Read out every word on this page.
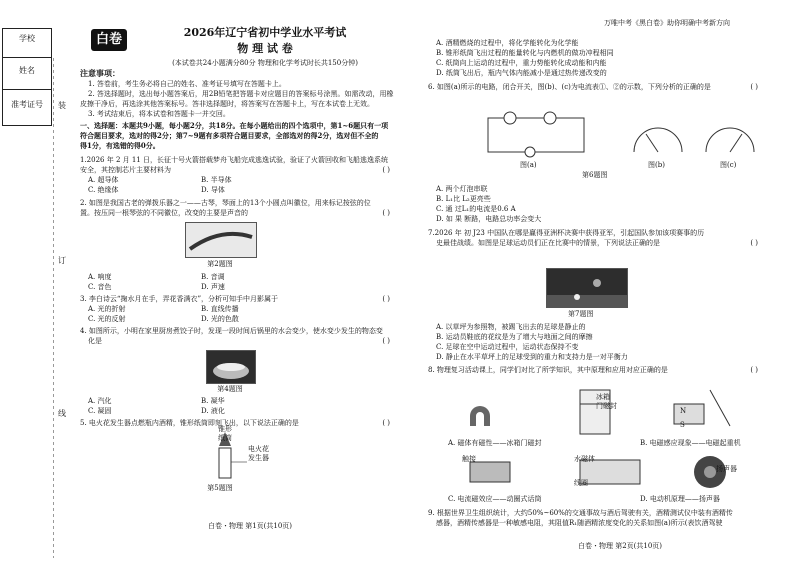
学校
姓名
准考证号	装
订
线
白卷	2026年辽宁省初中学业水平考试
物 理 试 卷
(本试卷共24小题满分80分 物理和化学考试时长共150分钟)
万唯中考《黑白卷》助你明确中考新方向
注意事项：
1. 答卷前，考生务必将自己的姓名、准考证号填写在答题卡上。
2. 答选择题时，选出每小题答案后，用2B铅笔把答题卡对应题目的答案标号涂黑。如需改动，用橡
皮擦干净后，再选涂其他答案标号。答非选择题时，将答案写在答题卡上，写在本试卷上无效。
3. 考试结束后，将本试卷和答题卡一并交回。
一、选择题：本题共9小题，每小题2分，共18分。在每小题给出的四个选项中，第1~6题只有一项
符合题目要求，选对的得2分；第7~9题有多项符合题目要求，全部选对的得2分，选对但不全的
得1分，有选错的得0分。
1.2026 年 2 月 11 日，长征十号火箭搭载梦舟飞船完成逃逸试验，验证了火箭回收和飞船逃逸系统
安全，其控制芯片主要材料为	( )
A. 超导体	B. 半导体
C. 绝缘体	D. 导体
2. 如图是我国古老的弹拨乐器之一——古琴，琴面上的13个小圆点叫徽位，用来标记按弦的位
置。按压同一根琴弦的不同徽位，改变的主要是声音的	( )
第2题图
A. 响度	B. 音调
C. 音色	D. 声速
3. 李白诗云“掬水月在手，弄花香满衣”，分析可知手中月影属于	( )
A. 光的折射	B. 直线传播
C. 光的反射	D. 光的色散
4. 如图所示，小明在家里厨房煮饺子时，发现一段时间后锅里的水会变少，使水变少发生的物态变
化是	( )
第4题图
A. 汽化	B. 凝华
C. 凝固	D. 液化
5. 电火花发生器点燃瓶内酒精，锥形纸筒即刻飞出，以下说法正确的是	( )
锥形
纸筒
电火花
发生器
第5题图
白卷・物理 第1页(共10页)
A. 酒精燃烧的过程中，将化学能转化为化学能
B. 锥形纸筒飞出过程的能量转化与内燃机的做功冲程相同
C. 纸筒向上运动的过程中，重力势能转化成动能和内能
D. 纸筒飞出后，瓶内气体内能减小是通过热传递改变的
6. 如图(a)所示的电路，闭合开关，图(b)、(c)为电流表①、②的示数，下列分析的正确的是	( )
图(a)	图(b)	图(c)
第6题图
A. 两个灯泡串联
B. L₁比 L₂更亮些
C. 通 过L₁的电流是0.6 A
D. 如 果 断路，电路总功率会变大
7.2026 年 初 J23 中国队在哪是赢得亚洲杯决赛中获得亚军，引起国队参加该项赛事的历
史最佳战绩。如图是足球运动员们正在比赛中的情景，下列说法正确的是	( )
第7题图
A. 以草坪为参照物，被踢飞出去的足球是静止的
B. 运动员鞋底的花纹是为了增大与地面之间的摩擦
C. 足球在空中运动过程中，运动状态保持不变
D. 静止在水平草坪上的足球受到的重力和支持力是一对平衡力
8. 物理复习活动课上，同学们对比了所学知识，其中原理和应用对应正确的是	( )
冰箱
门磁封
N
S
触接	水磁体
线圈
扬声器
A. 磁体有磁性——冰箱门磁封	B. 电磁感应现象——电磁起重机
C. 电流磁效应——动圈式话筒	D. 电动机原理——扬声器
9. 根据世界卫生组织统计，大约50%~60%的交通事故与酒后驾驶有关，酒精测试仪中装有酒精传
感器，酒精传感器是一种敏感电阻，其阻值R₁随酒精浓度变化的关系如图(a)所示(表饮酒驾驶
白卷・物理 第2页(共10页)
